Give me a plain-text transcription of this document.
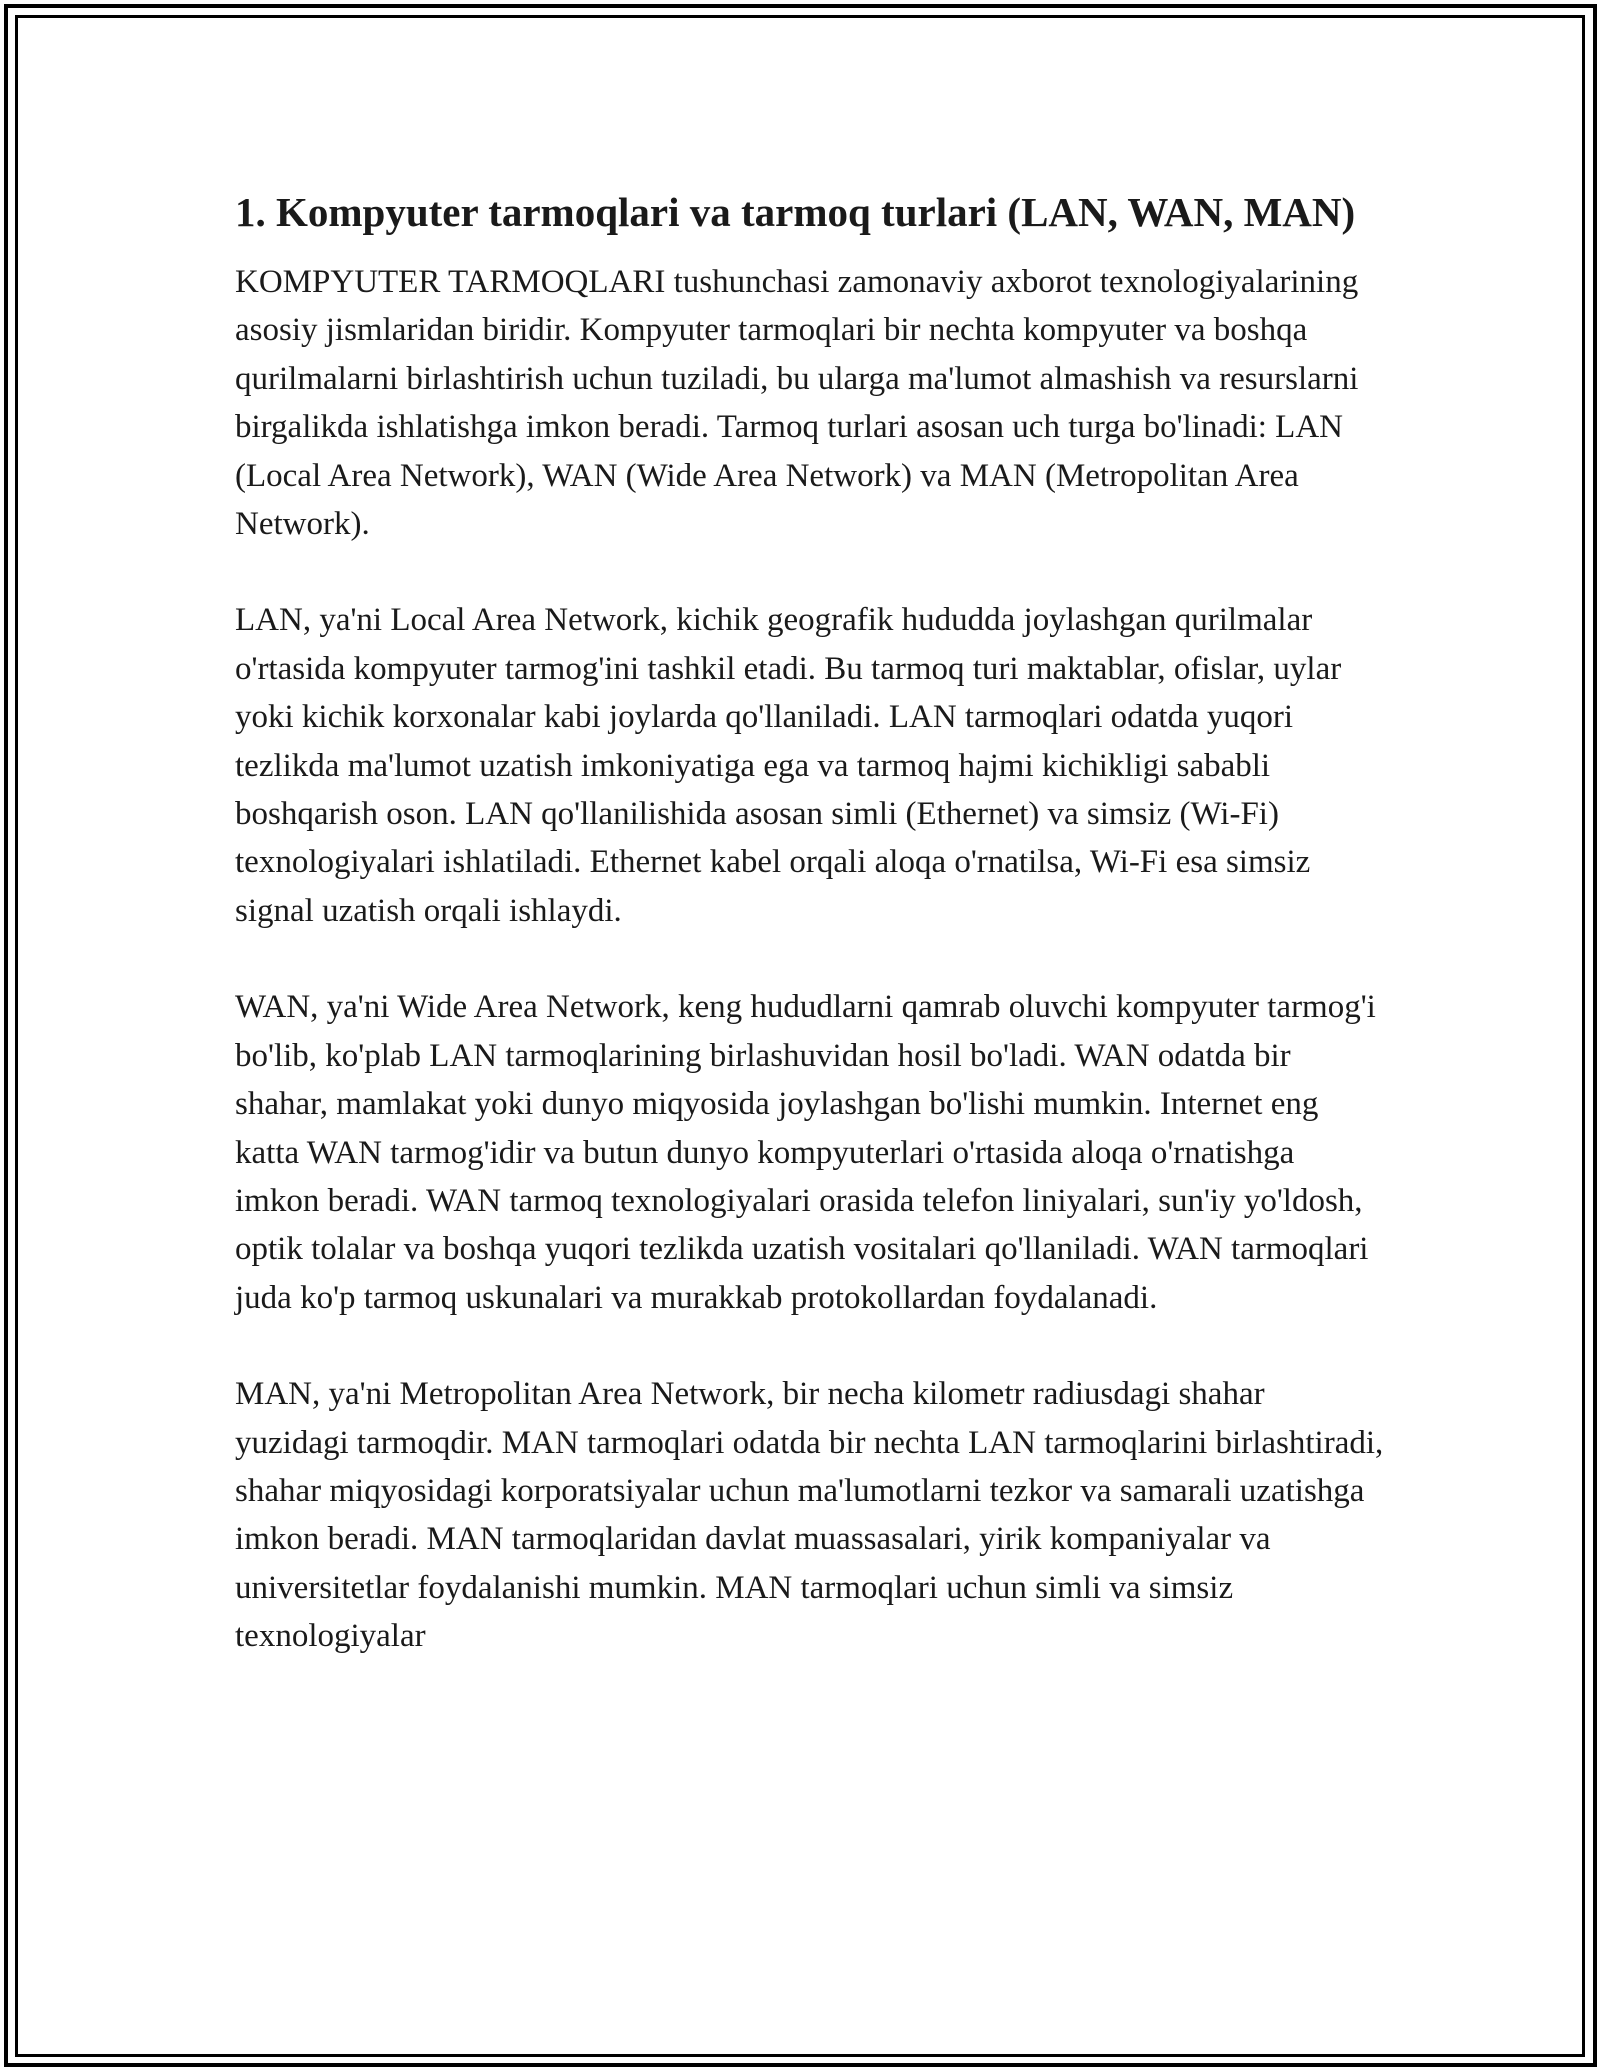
1. Kompyuter tarmoqlari va tarmoq turlari (LAN, WAN, MAN)

KOMPYUTER TARMOQLARI tushunchasi zamonaviy axborot texnologiyalarining asosiy jismlaridan biridir. Kompyuter tarmoqlari bir nechta kompyuter va boshqa qurilmalarni birlashtirish uchun tuziladi, bu ularga ma'lumot almashish va resurslarni birgalikda ishlatishga imkon beradi. Tarmoq turlari asosan uch turga bo'linadi: LAN (Local Area Network), WAN (Wide Area Network) va MAN (Metropolitan Area Network).

LAN, ya'ni Local Area Network, kichik geografik hududda joylashgan qurilmalar o'rtasida kompyuter tarmog'ini tashkil etadi. Bu tarmoq turi maktablar, ofislar, uylar yoki kichik korxonalar kabi joylarda qo'llaniladi. LAN tarmoqlari odatda yuqori tezlikda ma'lumot uzatish imkoniyatiga ega va tarmoq hajmi kichikligi sababli boshqarish oson. LAN qo'llanilishida asosan simli (Ethernet) va simsiz (Wi-Fi) texnologiyalari ishlatiladi. Ethernet kabel orqali aloqa o'rnatilsa, Wi-Fi esa simsiz signal uzatish orqali ishlaydi.

WAN, ya'ni Wide Area Network, keng hududlarni qamrab oluvchi kompyuter tarmog'i bo'lib, ko'plab LAN tarmoqlarining birlashuvidan hosil bo'ladi. WAN odatda bir shahar, mamlakat yoki dunyo miqyosida joylashgan bo'lishi mumkin. Internet eng katta WAN tarmog'idir va butun dunyo kompyuterlari o'rtasida aloqa o'rnatishga imkon beradi. WAN tarmoq texnologiyalari orasida telefon liniyalari, sun'iy yo'ldosh, optik tolalar va boshqa yuqori tezlikda uzatish vositalari qo'llaniladi. WAN tarmoqlari juda ko'p tarmoq uskunalari va murakkab protokollardan foydalanadi.

MAN, ya'ni Metropolitan Area Network, bir necha kilometr radiusdagi shahar yuzidagi tarmoqdir. MAN tarmoqlari odatda bir nechta LAN tarmoqlarini birlashtiradi, shahar miqyosidagi korporatsiyalar uchun ma'lumotlarni tezkor va samarali uzatishga imkon beradi. MAN tarmoqlaridan davlat muassasalari, yirik kompaniyalar va universitetlar foydalanishi mumkin. MAN tarmoqlari uchun simli va simsiz texnologiyalar
